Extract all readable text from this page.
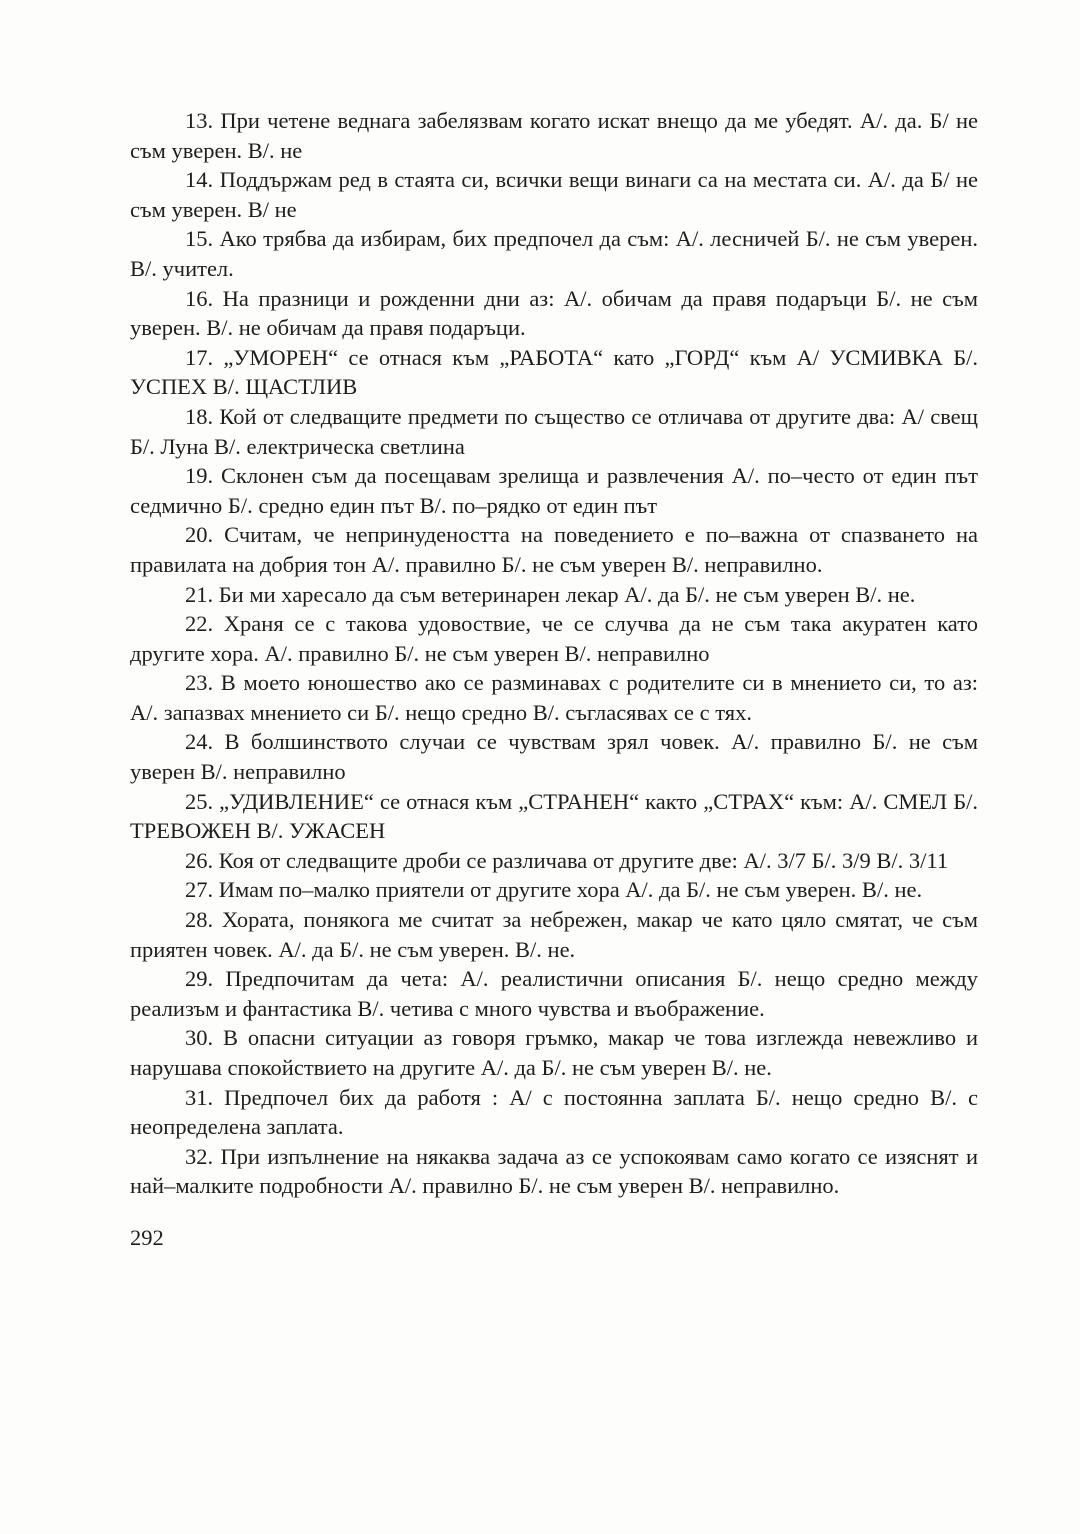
13. При четене веднага забелязвам когато искат внещо да ме убедят. А/. да. Б/ не съм уверен. В/. не

14. Поддържам ред в стаята си, всички вещи винаги са на местата си. А/. да Б/ не съм уверен. В/ не

15. Ако трябва да избирам, бих предпочел да съм: А/. лесничей Б/. не съм уверен. В/. учител.

16. На празници и рожденни дни аз: А/. обичам да правя подаръци Б/. не съм уверен. В/. не обичам да правя подаръци.

17. „УМОРЕН“ се отнася към „РАБОТА“ като „ГОРД“ към А/ УСМИВКА Б/. УСПЕХ В/. ЩАСТЛИВ

18. Кой от следващите предмети по същество се отличава от другите два: А/ свещ Б/. Луна В/. електрическа светлина

19. Склонен съм да посещавам зрелища и развлечения А/. по–често от един път седмично Б/. средно един път В/. по–рядко от един път

20. Считам, че непринудеността на поведението е по–важна от спазването на правилата на добрия тон А/. правилно Б/. не съм уверен В/. неправилно.

21. Би ми харесало да съм ветеринарен лекар А/. да Б/. не съм уверен В/. не.

22. Храня се с такова удовоствие, че се случва да не съм така акуратен като другите хора. А/. правилно Б/. не съм уверен В/. неправилно

23. В моето юношество ако се разминавах с родителите си в мнението си, то аз: А/. запазвах мнението си Б/. нещо средно В/. съгласявах се с тях.

24. В болшинството случаи се чувствам зрял човек. А/. правилно Б/. не съм уверен В/. неправилно

25. „УДИВЛЕНИЕ“ се отнася към „СТРАНЕН“ както „СТРАХ“ към: А/. СМЕЛ Б/. ТРЕВОЖЕН В/. УЖАСЕН

26. Коя от следващите дроби се различава от другите две: А/. 3/7 Б/. 3/9 В/. 3/11

27. Имам по–малко приятели от другите хора А/. да Б/. не съм уверен. В/. не.

28. Хората, понякога ме считат за небрежен, макар че като цяло смятат, че съм приятен човек. А/. да Б/. не съм уверен. В/. не.

29. Предпочитам да чета: А/. реалистични описания Б/. нещо средно между реализъм и фантастика В/. четива с много чувства и въображение.

30. В опасни ситуации аз говоря гръмко, макар че това изглежда невежливо и нарушава спокойствието на другите А/. да Б/. не съм уверен В/. не.

31. Предпочел бих да работя : А/ с постоянна заплата Б/. нещо средно В/. с неопределена заплата.

32. При изпълнение на някаква задача аз се успокоявам само когато се изяснят и най–малките подробности А/. правилно Б/. не съм уверен В/. неправилно.

292
